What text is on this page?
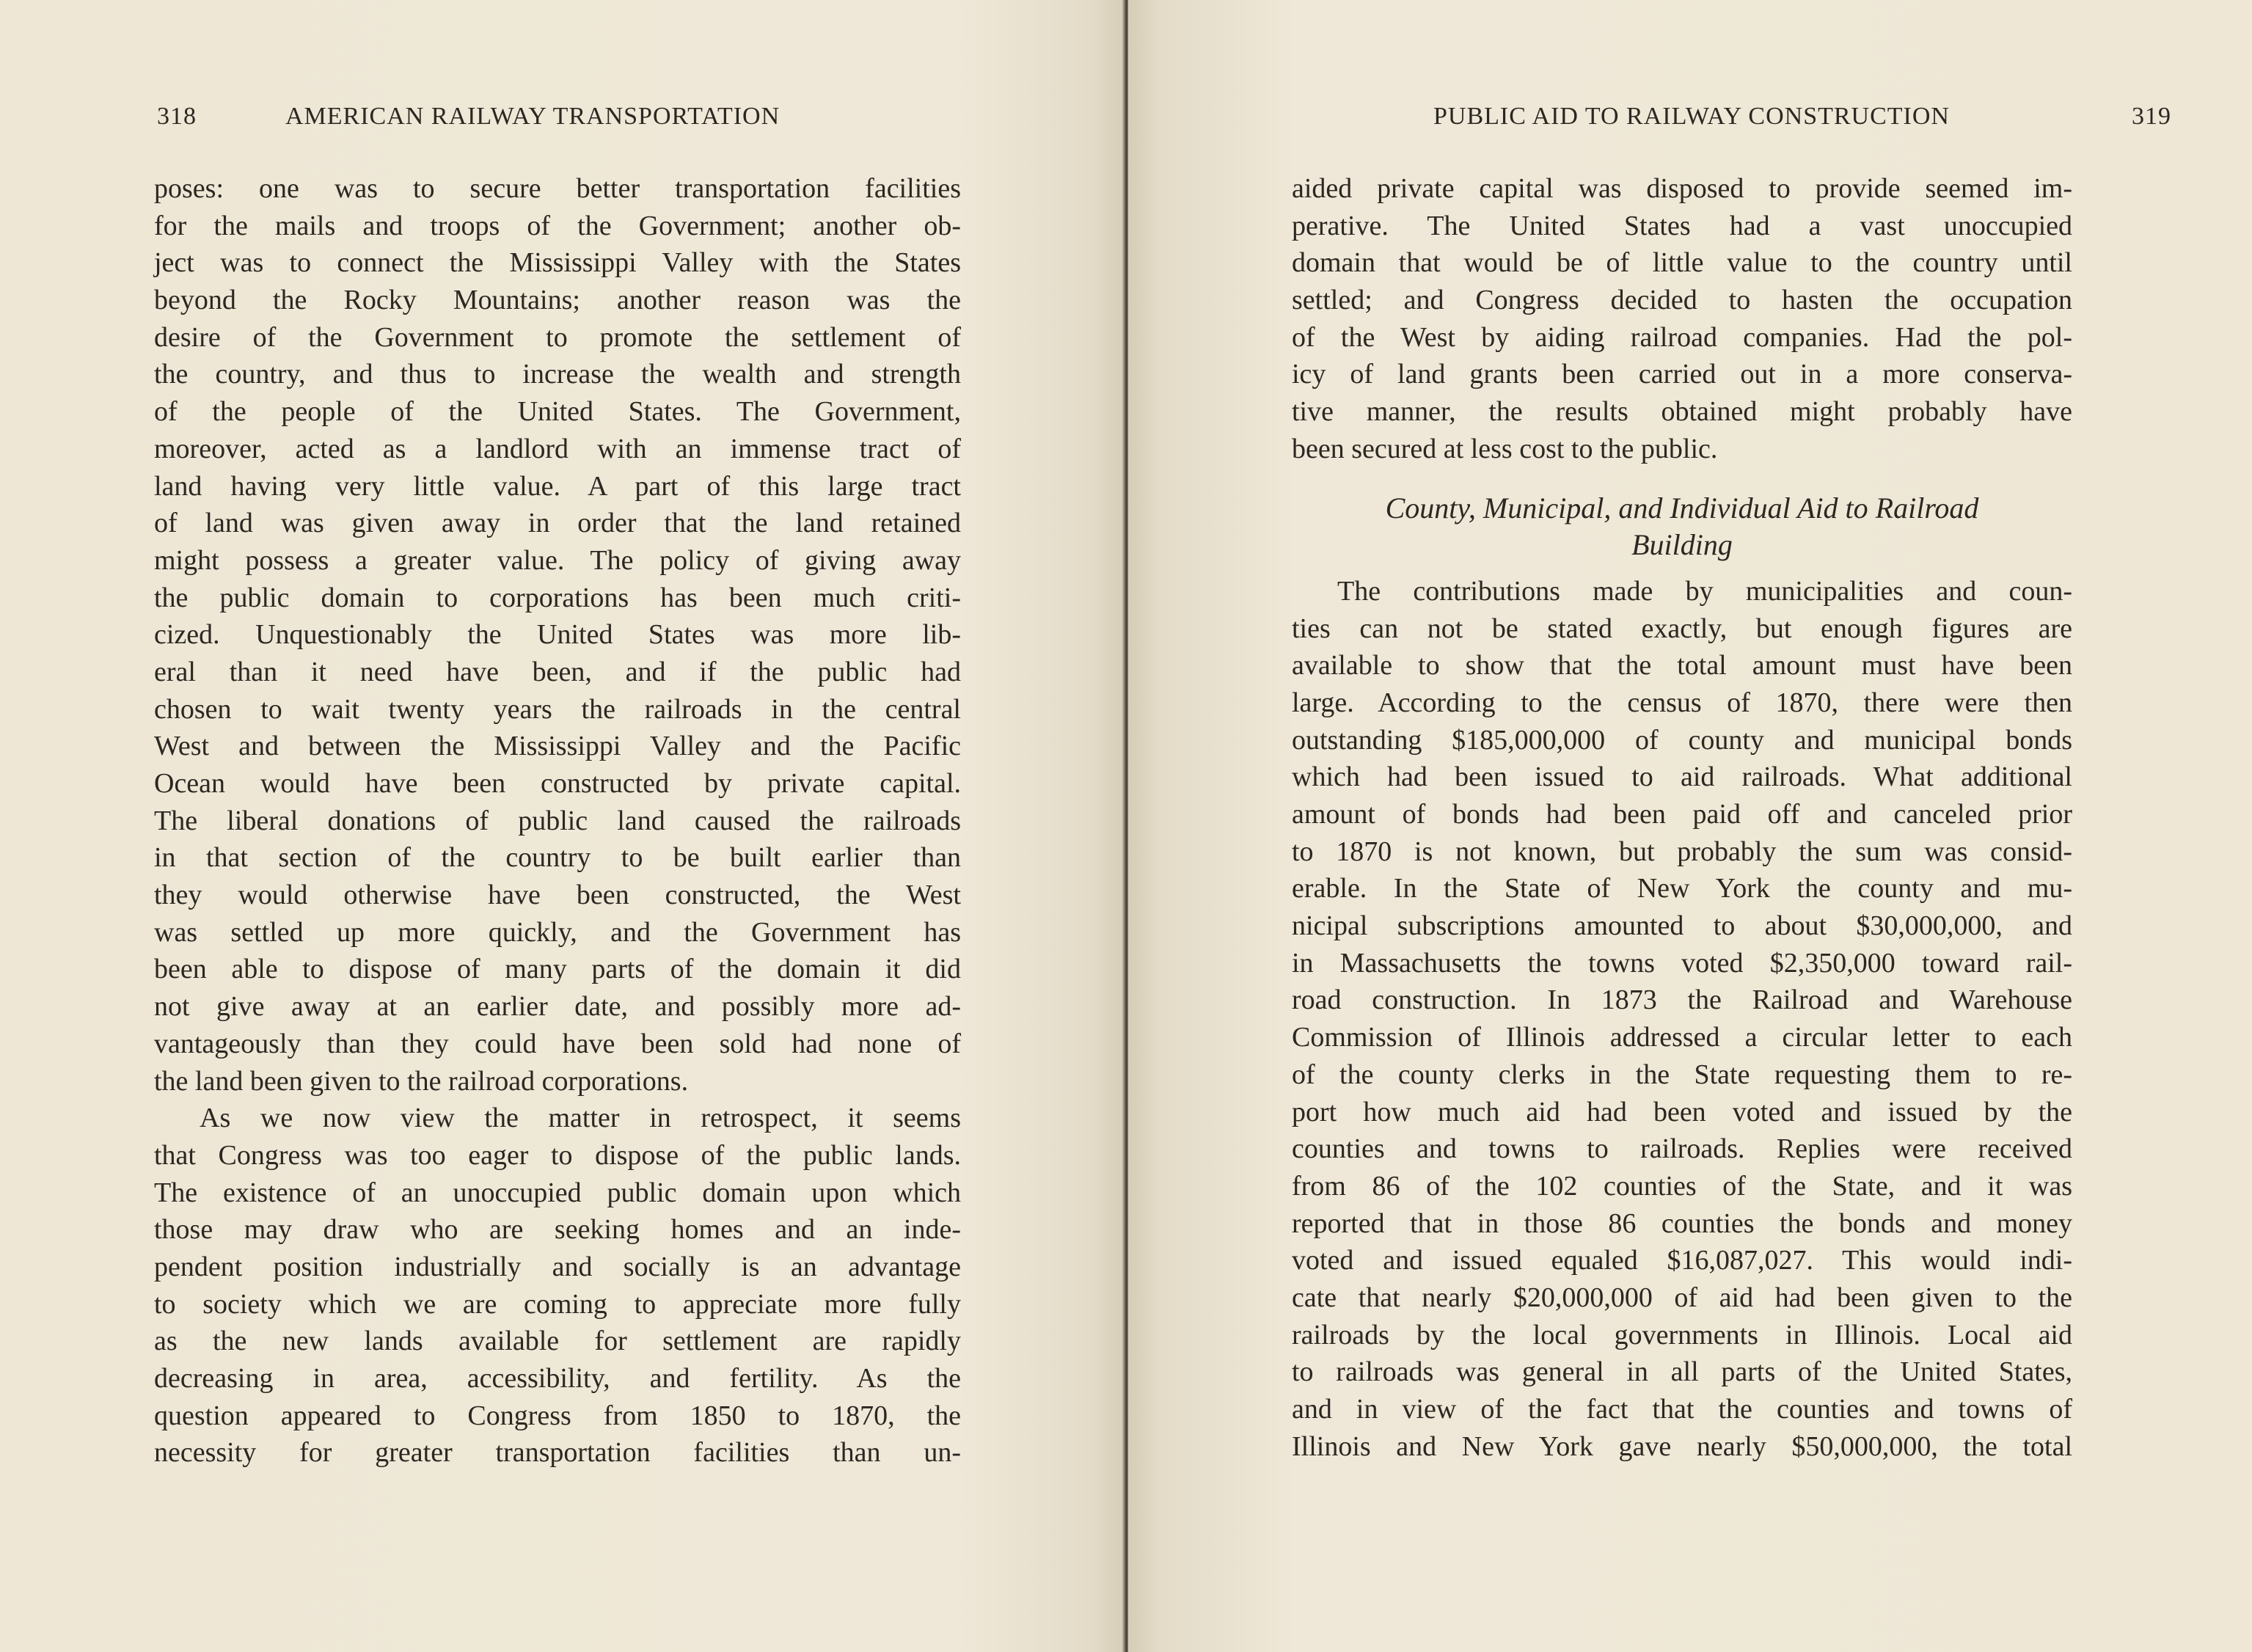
318	AMERICAN RAILWAY TRANSPORTATION
poses: one was to secure better transportation facilities
for the mails and troops of the Government; another ob-
ject was to connect the Mississippi Valley with the States
beyond the Rocky Mountains; another reason was the
desire of the Government to promote the settlement of
the country, and thus to increase the wealth and strength
of the people of the United States. The Government,
moreover, acted as a landlord with an immense tract of
land having very little value. A part of this large tract
of land was given away in order that the land retained
might possess a greater value. The policy of giving away
the public domain to corporations has been much criti-
cized. Unquestionably the United States was more lib-
eral than it need have been, and if the public had
chosen to wait twenty years the railroads in the central
West and between the Mississippi Valley and the Pacific
Ocean would have been constructed by private capital.
The liberal donations of public land caused the railroads
in that section of the country to be built earlier than
they would otherwise have been constructed, the West
was settled up more quickly, and the Government has
been able to dispose of many parts of the domain it did
not give away at an earlier date, and possibly more ad-
vantageously than they could have been sold had none of
the land been given to the railroad corporations.
As we now view the matter in retrospect, it seems
that Congress was too eager to dispose of the public lands.
The existence of an unoccupied public domain upon which
those may draw who are seeking homes and an inde-
pendent position industrially and socially is an advantage
to society which we are coming to appreciate more fully
as the new lands available for settlement are rapidly
decreasing in area, accessibility, and fertility. As the
question appeared to Congress from 1850 to 1870, the
necessity for greater transportation facilities than un-
PUBLIC AID TO RAILWAY CONSTRUCTION	319
aided private capital was disposed to provide seemed im-
perative. The United States had a vast unoccupied
domain that would be of little value to the country until
settled; and Congress decided to hasten the occupation
of the West by aiding railroad companies. Had the pol-
icy of land grants been carried out in a more conserva-
tive manner, the results obtained might probably have
been secured at less cost to the public.
County, Municipal, and Individual Aid to Railroad
Building
The contributions made by municipalities and coun-
ties can not be stated exactly, but enough figures are
available to show that the total amount must have been
large. According to the census of 1870, there were then
outstanding $185,000,000 of county and municipal bonds
which had been issued to aid railroads. What additional
amount of bonds had been paid off and canceled prior
to 1870 is not known, but probably the sum was consid-
erable. In the State of New York the county and mu-
nicipal subscriptions amounted to about $30,000,000, and
in Massachusetts the towns voted $2,350,000 toward rail-
road construction. In 1873 the Railroad and Warehouse
Commission of Illinois addressed a circular letter to each
of the county clerks in the State requesting them to re-
port how much aid had been voted and issued by the
counties and towns to railroads. Replies were received
from 86 of the 102 counties of the State, and it was
reported that in those 86 counties the bonds and money
voted and issued equaled $16,087,027. This would indi-
cate that nearly $20,000,000 of aid had been given to the
railroads by the local governments in Illinois. Local aid
to railroads was general in all parts of the United States,
and in view of the fact that the counties and towns of
Illinois and New York gave nearly $50,000,000, the total
